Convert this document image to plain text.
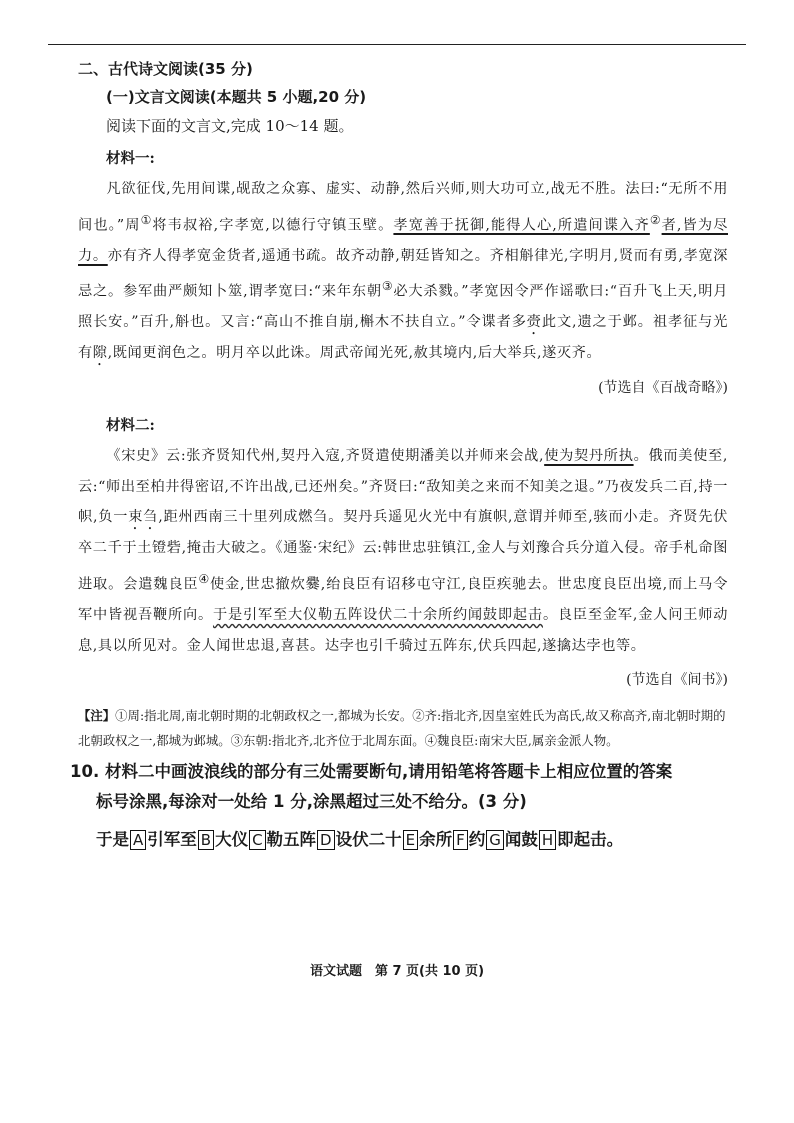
二、古代诗文阅读(35 分)

(一)文言文阅读(本题共 5 小题,20 分)

阅读下面的文言文,完成 10～14 题。

材料一:

凡欲征伐,先用间谍,觇敌之众寡、虚实、动静,然后兴师,则大功可立,战无不胜。法曰:“无所不用间也。”周①将韦叔裕,字孝宽,以德行守镇玉壁。孝宽善于抚御,能得人心,所遣间谍入齐②者,皆为尽力。亦有齐人得孝宽金货者,遥通书疏。故齐动静,朝廷皆知之。齐相斛律光,字明月,贤而有勇,孝宽深忌之。参军曲严颇知卜筮,谓孝宽曰:“来年东朝③必大杀戮。”孝宽因令严作谣歌曰:“百升飞上天,明月照长安。”百升,斛也。又言:“高山不推自崩,槲木不扶自立。”令谍者多赍此文,遗之于邺。祖孝征与光有隙,既闻更润色之。明月卒以此诛。周武帝闻光死,赦其境内,后大举兵,遂灭齐。

(节选自《百战奇略》)

材料二:

《宋史》云:张齐贤知代州,契丹入寇,齐贤遣使期潘美以并师来会战,使为契丹所执。俄而美使至,云:“师出至柏井得密诏,不许出战,已还州矣。”齐贤曰:“敌知美之来而不知美之退。”乃夜发兵二百,持一帜,负一束刍,距州西南三十里列成燃刍。契丹兵遥见火光中有旗帜,意谓并师至,骇而小走。齐贤先伏卒二千于土镫砦,掩击大破之。《通鉴·宋纪》云:韩世忠驻镇江,金人与刘豫合兵分道入侵。帝手札命图进取。会遣魏良臣④使金,世忠撤炊爨,绐良臣有诏移屯守江,良臣疾驰去。世忠度良臣出境,而上马令军中皆视吾鞭所向。于是引军至大仪勒五阵设伏二十余所约闻鼓即起击。良臣至金军,金人问王师动息,具以所见对。金人闻世忠退,喜甚。达孛也引千骑过五阵东,伏兵四起,遂擒达孛也等。

(节选自《间书》)

【注】①周:指北周,南北朝时期的北朝政权之一,都城为长安。②齐:指北齐,因皇室姓氏为高氏,故又称高齐,南北朝时期的北朝政权之一,都城为邺城。③东朝:指北齐,北齐位于北周东面。④魏良臣:南宋大臣,属亲金派人物。

10. 材料二中画波浪线的部分有三处需要断句,请用铅笔将答题卡上相应位置的答案
标号涂黑,每涂对一处给 1 分,涂黑超过三处不给分。(3 分)

于是 A 引军至 B 大仪 C 勒五阵 D 设伏二十 E 余所 F 约 G 闻鼓 H 即起击。

语文试题　第 7 页(共 10 页)
